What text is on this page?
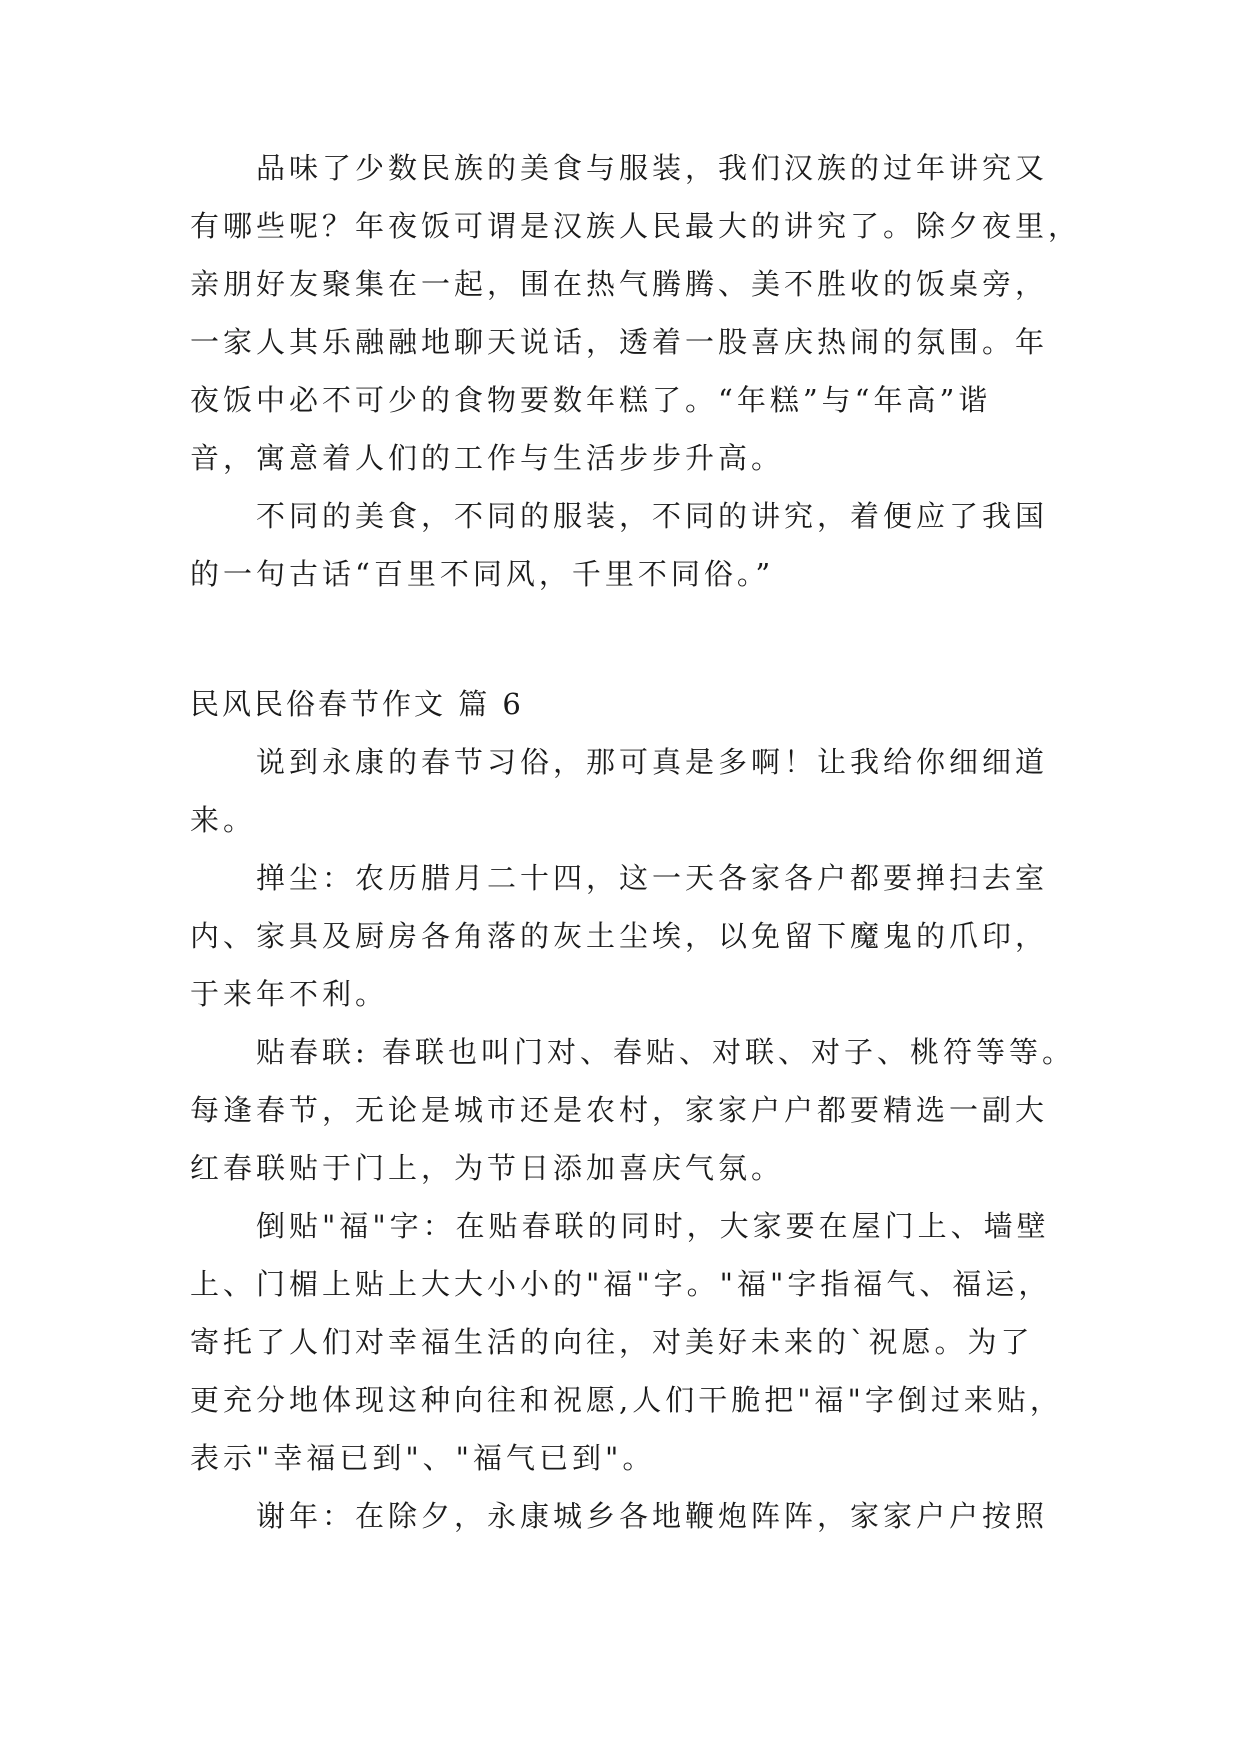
品味了少数民族的美食与服装，我们汉族的过年讲究又
有哪些呢？年夜饭可谓是汉族人民最大的讲究了。除夕夜里，
亲朋好友聚集在一起，围在热气腾腾、美不胜收的饭桌旁，
一家人其乐融融地聊天说话，透着一股喜庆热闹的氛围。年
夜饭中必不可少的食物要数年糕了。“年糕”与“年高”谐
音，寓意着人们的工作与生活步步升高。
不同的美食，不同的服装，不同的讲究，着便应了我国
的一句古话“百里不同风，千里不同俗。”
民风民俗春节作文 篇 6
说到永康的春节习俗，那可真是多啊！让我给你细细道
来。
掸尘：农历腊月二十四，这一天各家各户都要掸扫去室
内、家具及厨房各角落的灰土尘埃，以免留下魔鬼的爪印，
于来年不利。
贴春联: 春联也叫门对、春贴、对联、对子、桃符等等。
每逢春节，无论是城市还是农村，家家户户都要精选一副大
红春联贴于门上，为节日添加喜庆气氛。
倒贴"福"字：在贴春联的同时，大家要在屋门上、墙壁
上、门楣上贴上大大小小的"福"字。"福"字指福气、福运，
寄托了人们对幸福生活的向往，对美好未来的`祝愿。为了
更充分地体现这种向往和祝愿,人们干脆把"福"字倒过来贴，
表示"幸福已到"、"福气已到"。
谢年：在除夕，永康城乡各地鞭炮阵阵，家家户户按照
